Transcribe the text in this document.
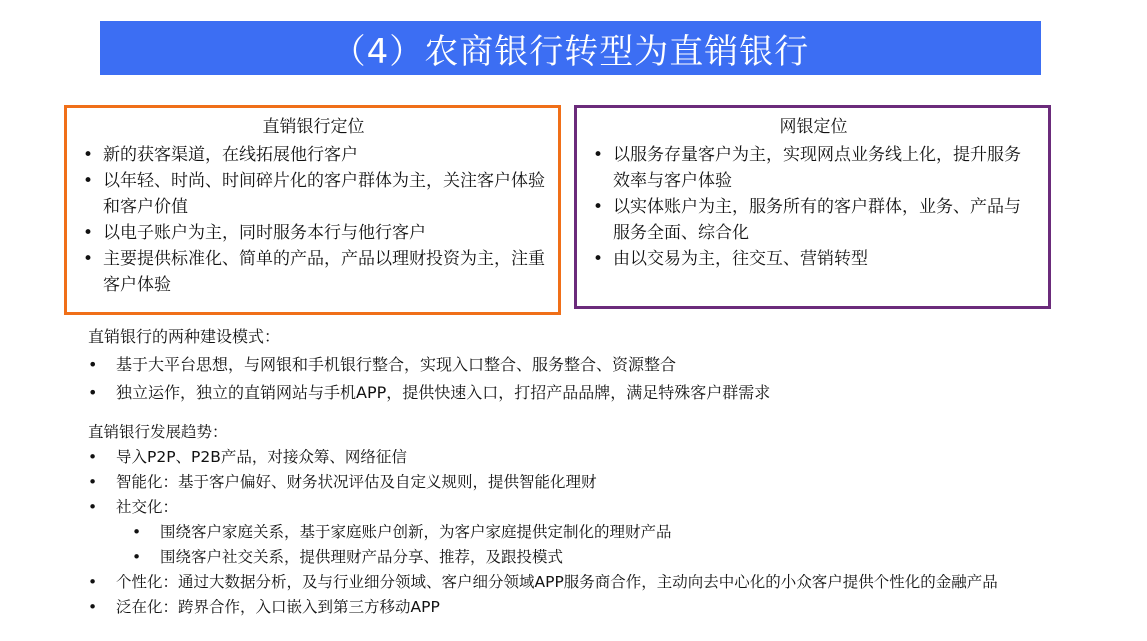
（4）农商银行转型为直销银行
直销银行定位
• 新的获客渠道，在线拓展他行客户
• 以年轻、时尚、时间碎片化的客户群体为主，关注客户体验和客户价值
• 以电子账户为主，同时服务本行与他行客户
• 主要提供标准化、简单的产品，产品以理财投资为主，注重客户体验
网银定位
• 以服务存量客户为主，实现网点业务线上化，提升服务效率与客户体验
• 以实体账户为主，服务所有的客户群体，业务、产品与服务全面、综合化
• 由以交易为主，往交互、营销转型
直销银行的两种建设模式：
• 基于大平台思想，与网银和手机银行整合，实现入口整合、服务整合、资源整合
• 独立运作，独立的直销网站与手机APP，提供快速入口，打招产品品牌，满足特殊客户群需求
直销银行发展趋势：
• 导入P2P、P2B产品，对接众筹、网络征信
• 智能化：基于客户偏好、财务状况评估及自定义规则，提供智能化理财
• 社交化：
• 围绕客户家庭关系，基于家庭账户创新，为客户家庭提供定制化的理财产品
• 围绕客户社交关系，提供理财产品分享、推荐，及跟投模式
• 个性化：通过大数据分析，及与行业细分领域、客户细分领域APP服务商合作，主动向去中心化的小众客户提供个性化的金融产品
• 泛在化：跨界合作，入口嵌入到第三方移动APP
